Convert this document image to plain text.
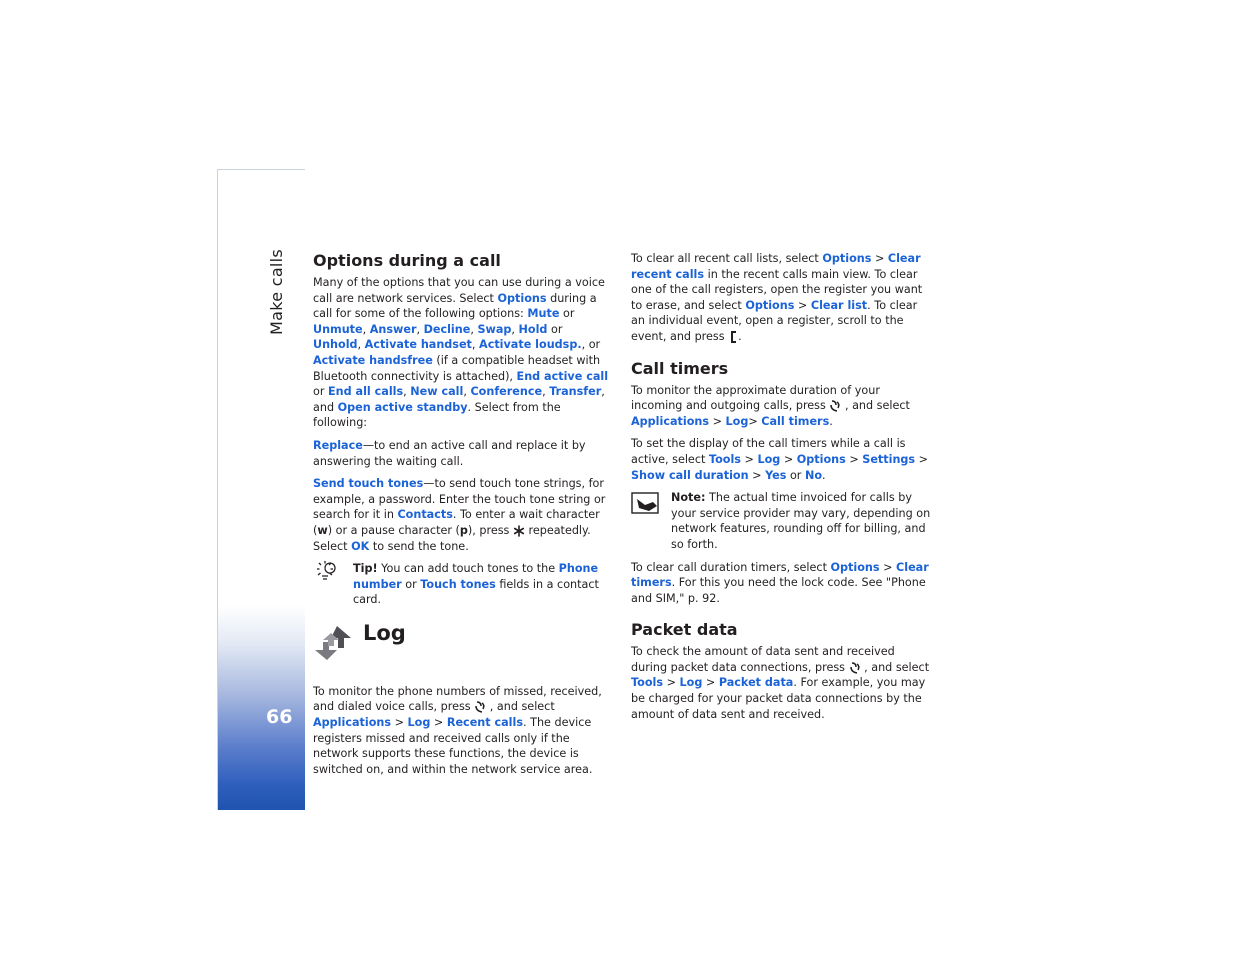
Make calls
66
Options during a call

Many of the options that you can use during a voice call are network services. Select Options during a call for some of the following options: Mute or Unmute, Answer, Decline, Swap, Hold or Unhold, Activate handset, Activate loudsp., or Activate handsfree (if a compatible headset with Bluetooth connectivity is attached), End active call or End all calls, New call, Conference, Transfer, and Open active standby. Select from the following:

Replace—to end an active call and replace it by answering the waiting call.

Send touch tones—to send touch tone strings, for example, a password. Enter the touch tone string or search for it in Contacts. To enter a wait character (w) or a pause character (p), press  repeatedly. Select OK to send the tone.

Tip! You can add touch tones to the Phone number or Touch tones fields in a contact card.
Log

To monitor the phone numbers of missed, received, and dialed voice calls, press  , and select Applications > Log > Recent calls. The device registers missed and received calls only if the network supports these functions, the device is switched on, and within the network service area.

To clear all recent call lists, select Options > Clear recent calls in the recent calls main view. To clear one of the call registers, open the register you want to erase, and select Options > Clear list. To clear an individual event, open a register, scroll to the event, and press .

Call timers

To monitor the approximate duration of your incoming and outgoing calls, press  , and select Applications > Log> Call timers.

To set the display of the call timers while a call is active, select Tools > Log > Options > Settings > Show call duration > Yes or No.

Note: The actual time invoiced for calls by your service provider may vary, depending on network features, rounding off for billing, and so forth.

To clear call duration timers, select Options > Clear timers. For this you need the lock code. See "Phone and SIM," p. 92.

Packet data

To check the amount of data sent and received during packet data connections, press  , and select Tools > Log > Packet data. For example, you may be charged for your packet data connections by the amount of data sent and received.
